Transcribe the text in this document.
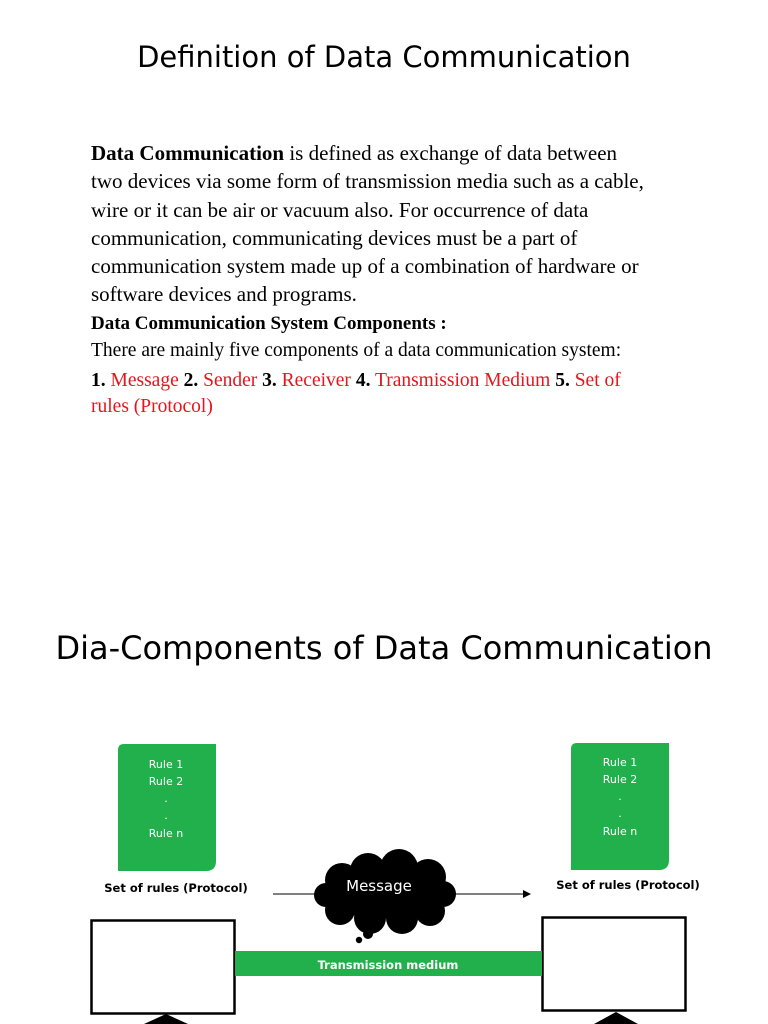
Definition of Data Communication

Data Communication is defined as exchange of data between two devices via some form of transmission media such as a cable, wire or it can be air or vacuum also. For occurrence of data communication, communicating devices must be a part of communication system made up of a combination of hardware or software devices and programs.

Data Communication System Components :

There are mainly five components of a data communication system:

1. Message 2. Sender 3. Receiver 4. Transmission Medium 5. Set of rules (Protocol)

Dia-Components of Data Communication
Rule 1
Rule 2
.
.
Rule n
Rule 1
Rule 2
.
.
Rule n
Set of rules (Protocol)	Set of rules (Protocol)
Message
Transmission medium
